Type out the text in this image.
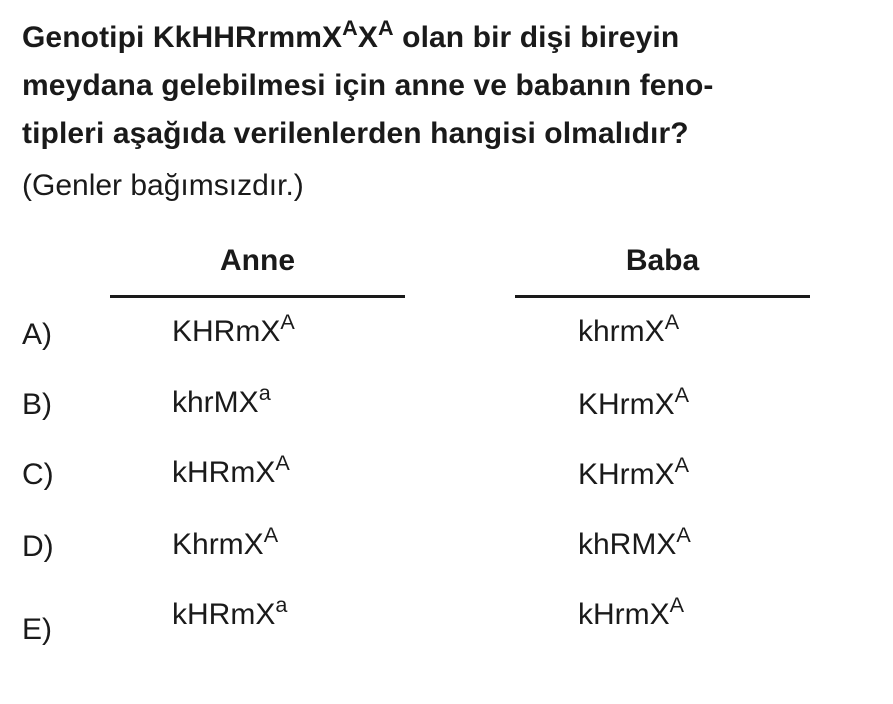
Genotipi $KkHHRrmmX^AX^A$ olan bir dişi bireyin
meydana gelebilmesi için anne ve babanın feno-
tipleri aşağıda verilenlerden hangisi olmalıdır?
(Genler bağımsızdır.)
Anne	Baba
A)	KHRmX$^A$	khrmX$^A$
B)	khrMX$^a$	KHrmX$^A$
C)	kHRmX$^A$	KHrmX$^A$
D)	KhrmX$^A$	khRMX$^A$
E)	kHRmX$^a$	kHrmX$^A$
